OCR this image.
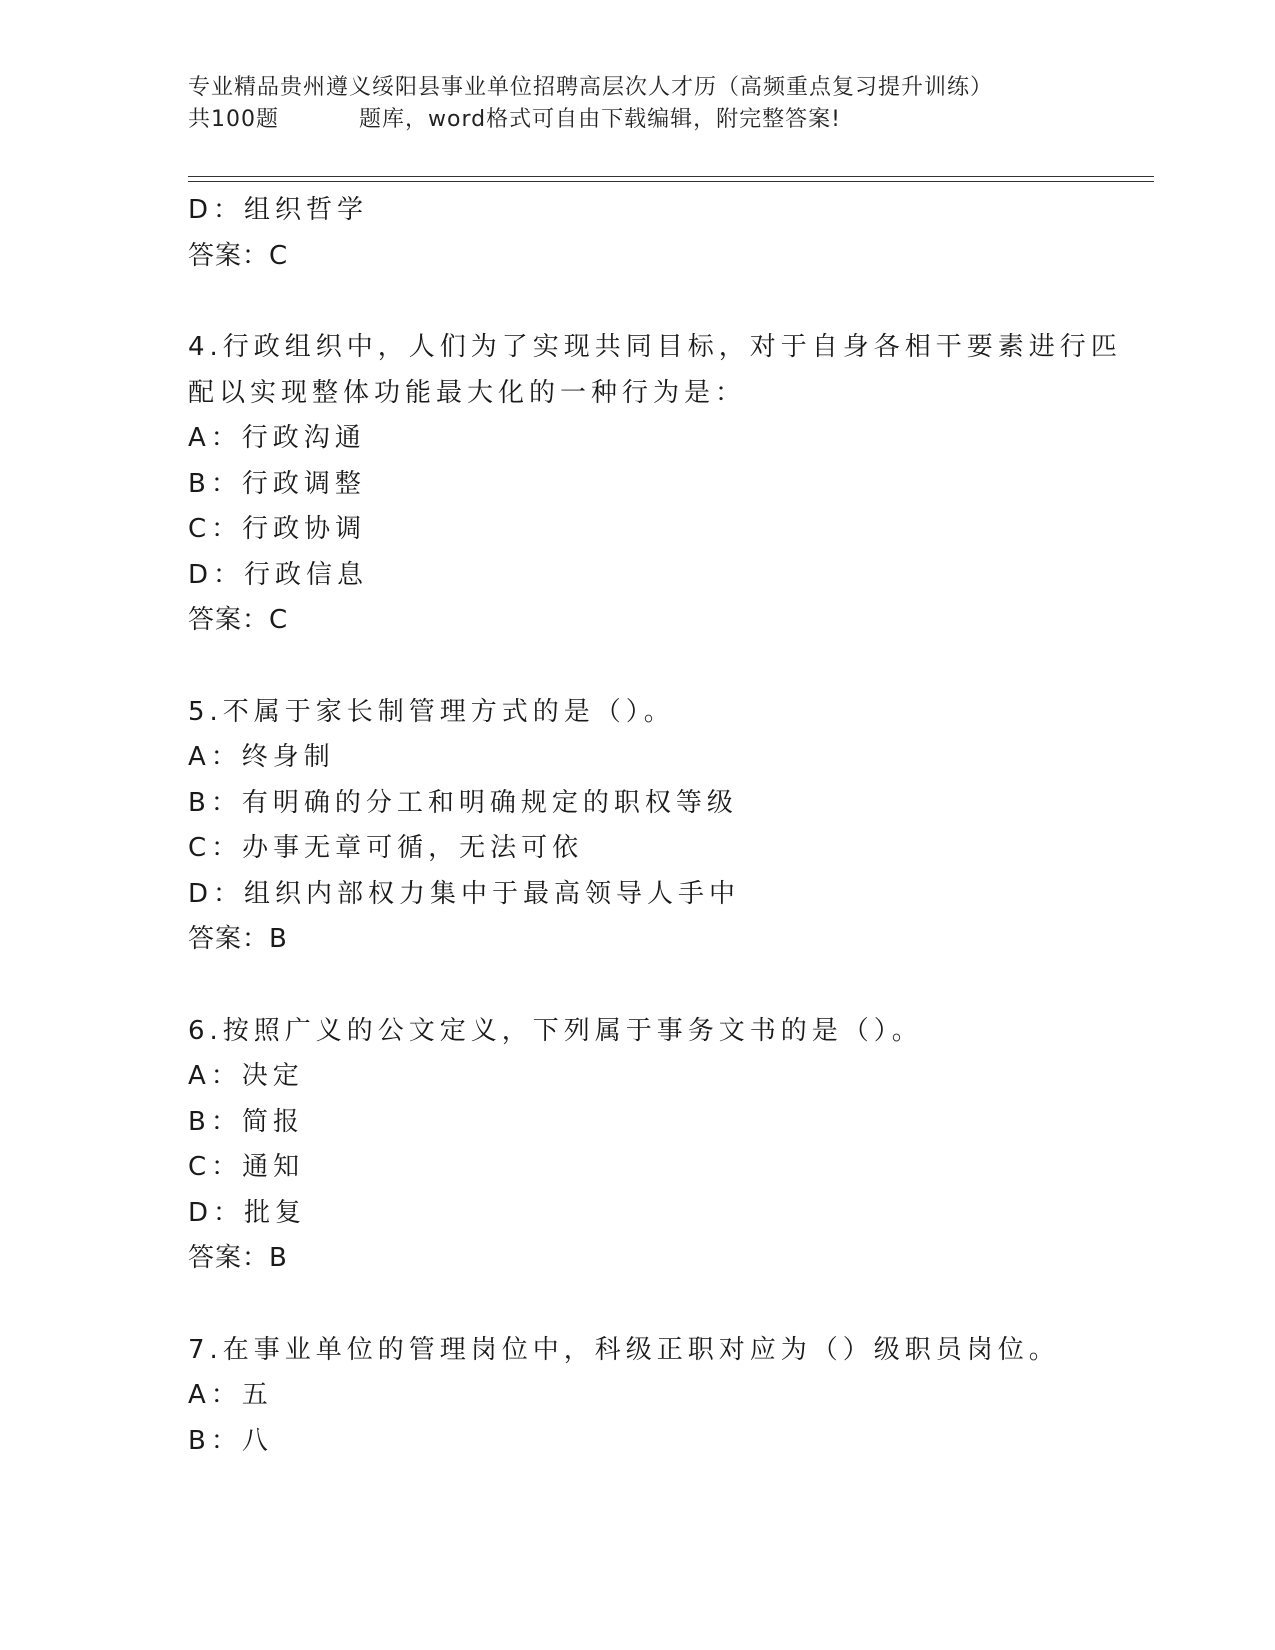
专业精品贵州遵义绥阳县事业单位招聘高层次人才历（高频重点复习提升训练）
共100题	题库，word格式可自由下载编辑，附完整答案!
D：组织哲学
答案：C
4.行政组织中，人们为了实现共同目标，对于自身各相干要素进行匹
配以实现整体功能最大化的一种行为是：
A：行政沟通
B：行政调整
C：行政协调
D：行政信息
答案：C
5.不属于家长制管理方式的是（）。
A：终身制
B：有明确的分工和明确规定的职权等级
C：办事无章可循，无法可依
D：组织内部权力集中于最高领导人手中
答案：B
6.按照广义的公文定义，下列属于事务文书的是（）。
A：决定
B：简报
C：通知
D：批复
答案：B
7.在事业单位的管理岗位中，科级正职对应为（）级职员岗位。
A：五
B：八
